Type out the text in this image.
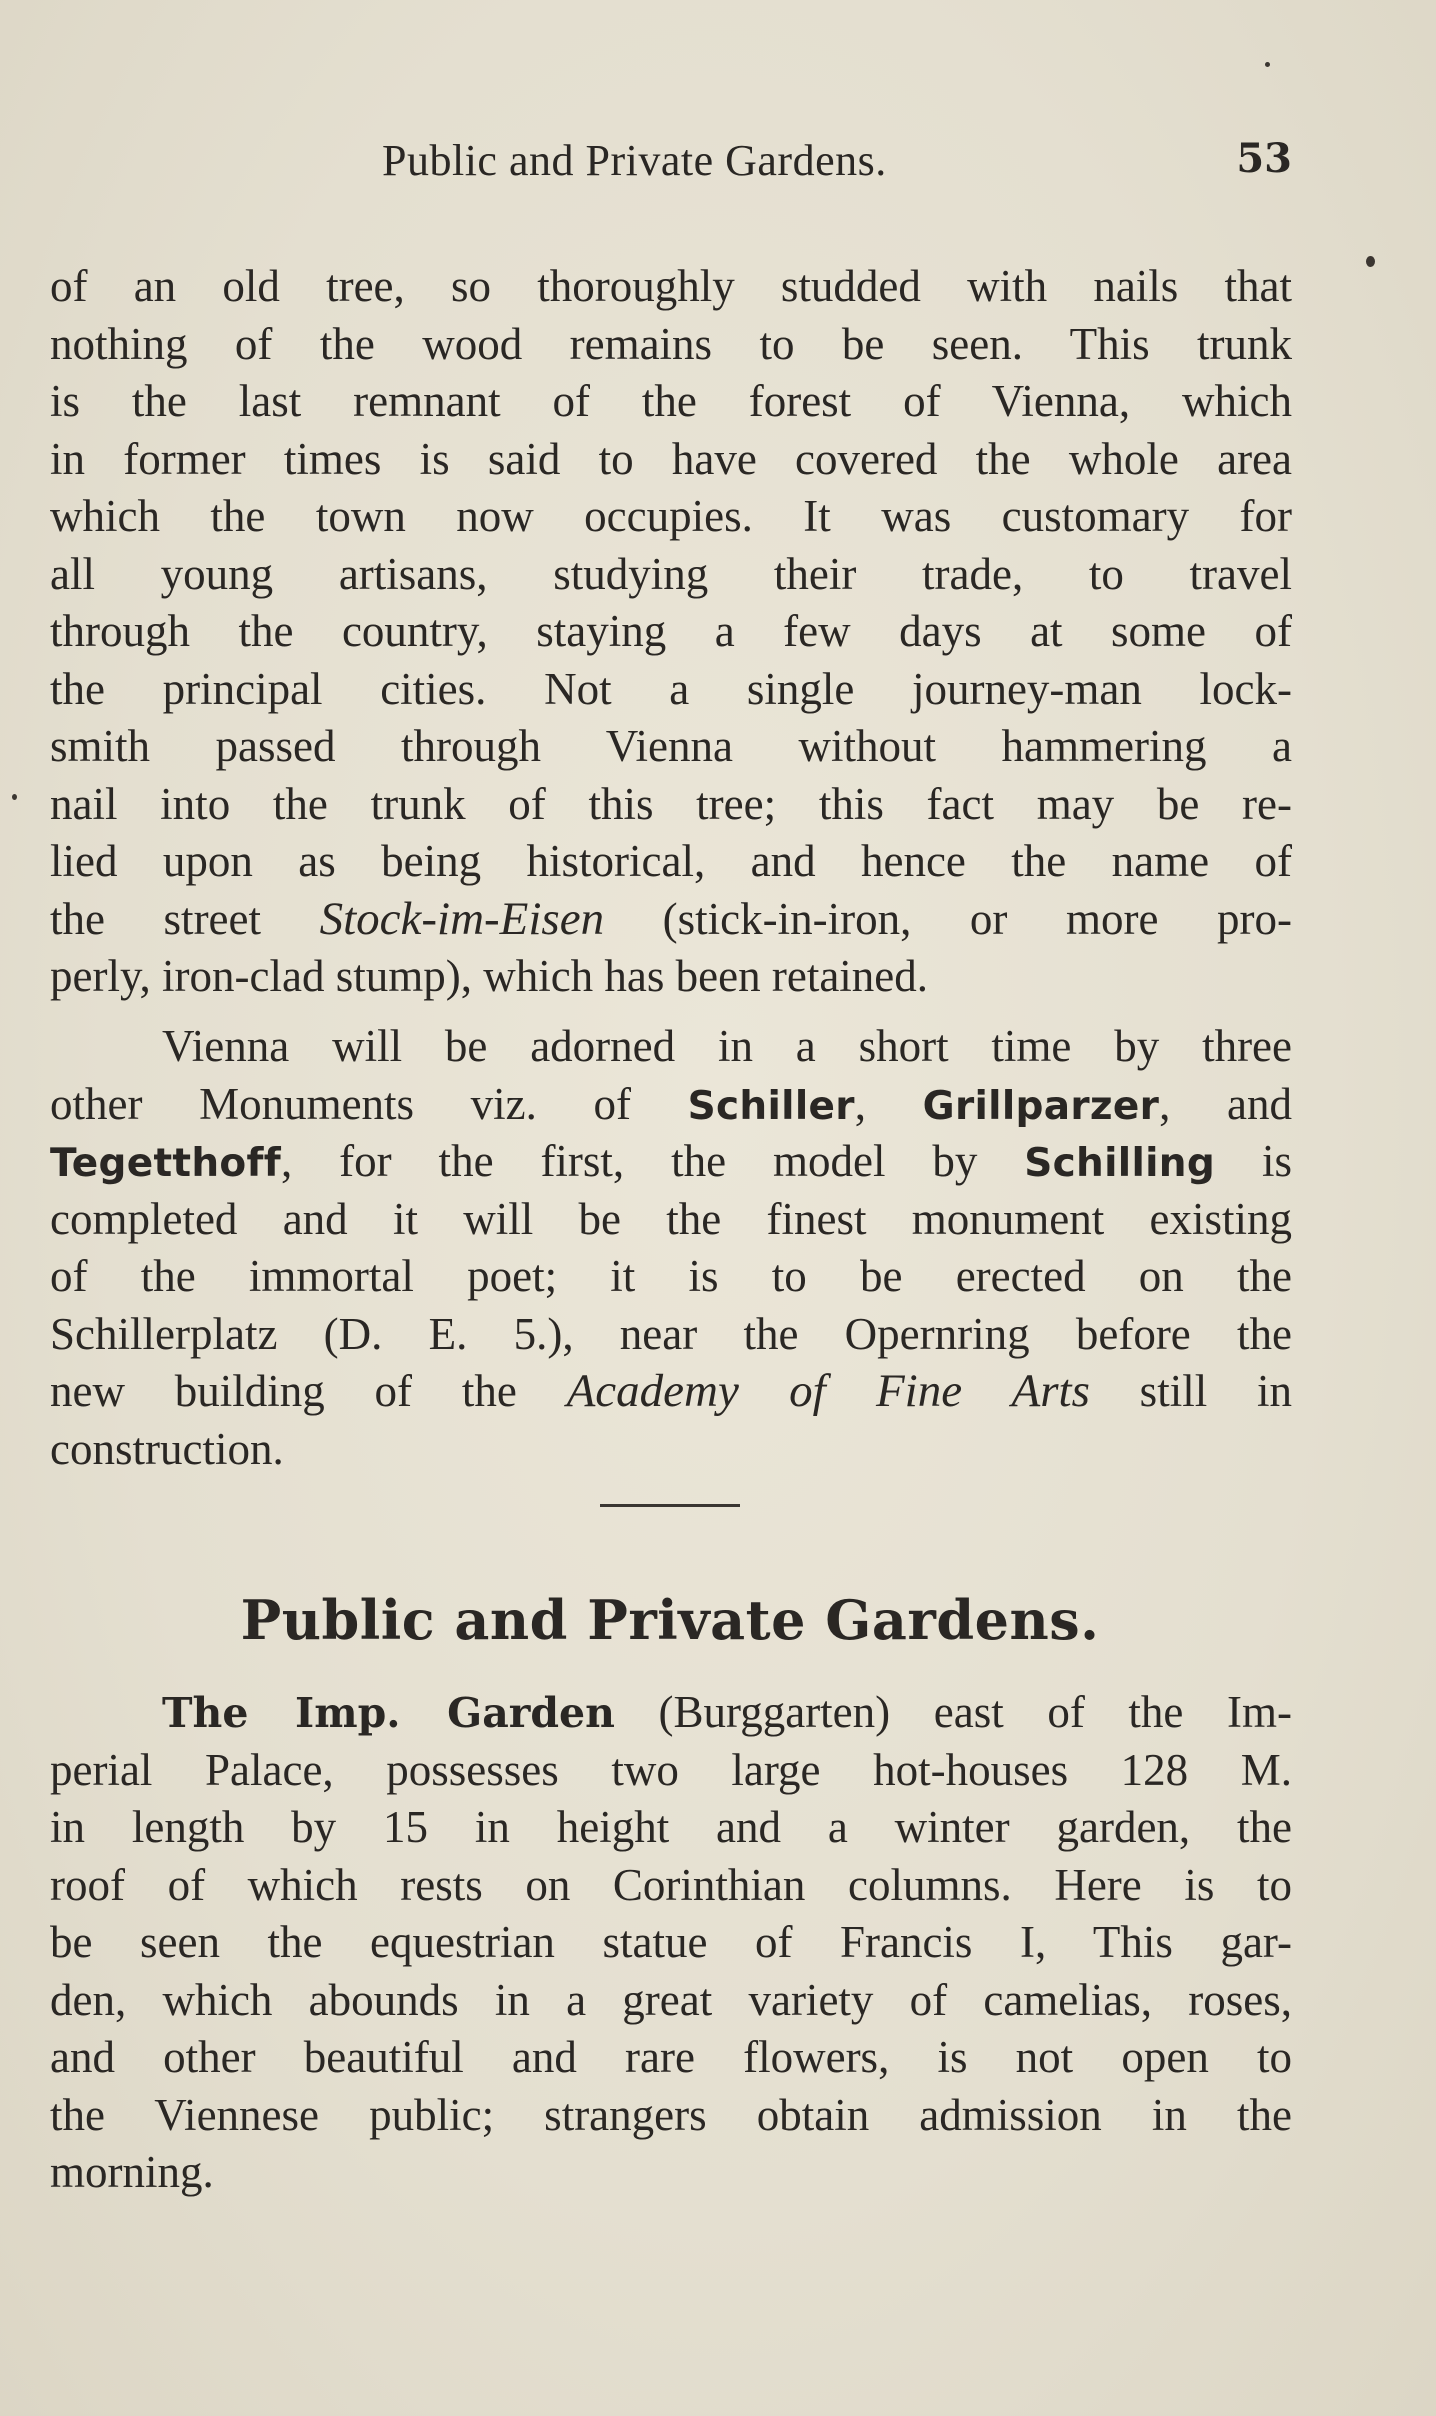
Public and Private Gardens.	53
of an old tree, so thoroughly studded with nails that
nothing of the wood remains to be seen. This trunk
is the last remnant of the forest of Vienna, which
in former times is said to have covered the whole area
which the town now occupies. It was customary for
all young artisans, studying their trade, to travel
through the country, staying a few days at some of
the principal cities. Not a single journey-man lock-
smith passed through Vienna without hammering a
nail into the trunk of this tree; this fact may be re-
lied upon as being historical, and hence the name of
the street Stock-im-Eisen (stick-in-iron, or more pro-
perly, iron-clad stump), which has been retained.
Vienna will be adorned in a short time by three
other Monuments viz. of Schiller, Grillparzer, and
Tegetthoff, for the first, the model by Schilling is
completed and it will be the finest monument existing
of the immortal poet; it is to be erected on the
Schillerplatz (D. E. 5.), near the Opernring before the
new building of the Academy of Fine Arts still in
construction.
Public and Private Gardens.
The Imp. Garden (Burggarten) east of the Im-
perial Palace, possesses two large hot-houses 128 M.
in length by 15 in height and a winter garden, the
roof of which rests on Corinthian columns. Here is to
be seen the equestrian statue of Francis I, This gar-
den, which abounds in a great variety of camelias, roses,
and other beautiful and rare flowers, is not open to
the Viennese public; strangers obtain admission in the
morning.
